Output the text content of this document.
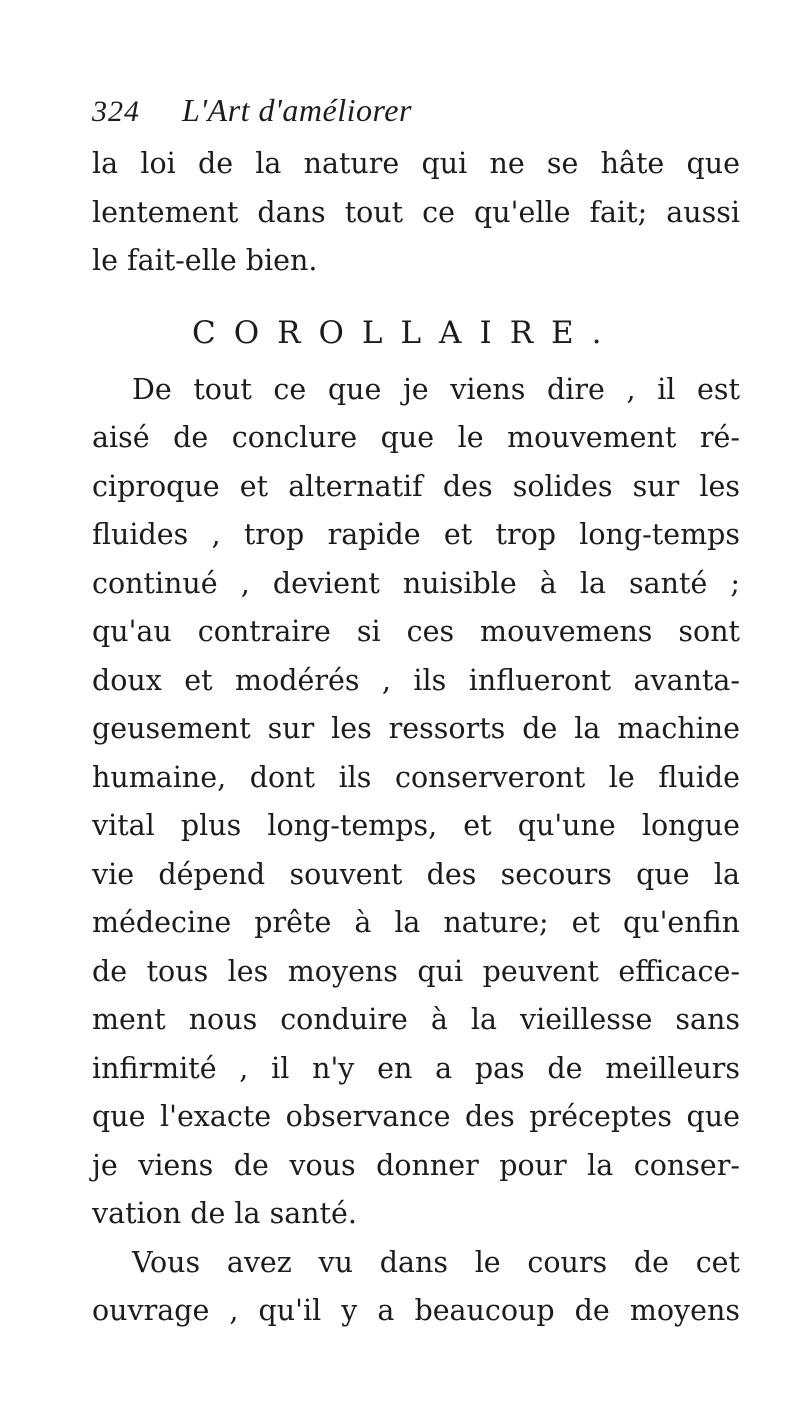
324	L'Art d'améliorer
la loi de la nature qui ne se hâte que
lentement dans tout ce qu'elle fait; aussi
le fait-elle bien.
COROLLAIRE.
De tout ce que je viens dire , il est
aisé de conclure que le mouvement ré-
ciproque et alternatif des solides sur les
fluides , trop rapide et trop long-temps
continué , devient nuisible à la santé ;
qu'au contraire si ces mouvemens sont
doux et modérés , ils influeront avanta-
geusement sur les ressorts de la machine
humaine, dont ils conserveront le fluide
vital plus long-temps, et qu'une longue
vie dépend souvent des secours que la
médecine prête à la nature; et qu'enfin
de tous les moyens qui peuvent efficace-
ment nous conduire à la vieillesse sans
infirmité , il n'y en a pas de meilleurs
que l'exacte observance des préceptes que
je viens de vous donner pour la conser-
vation de la santé.
Vous avez vu dans le cours de cet
ouvrage , qu'il y a beaucoup de moyens
